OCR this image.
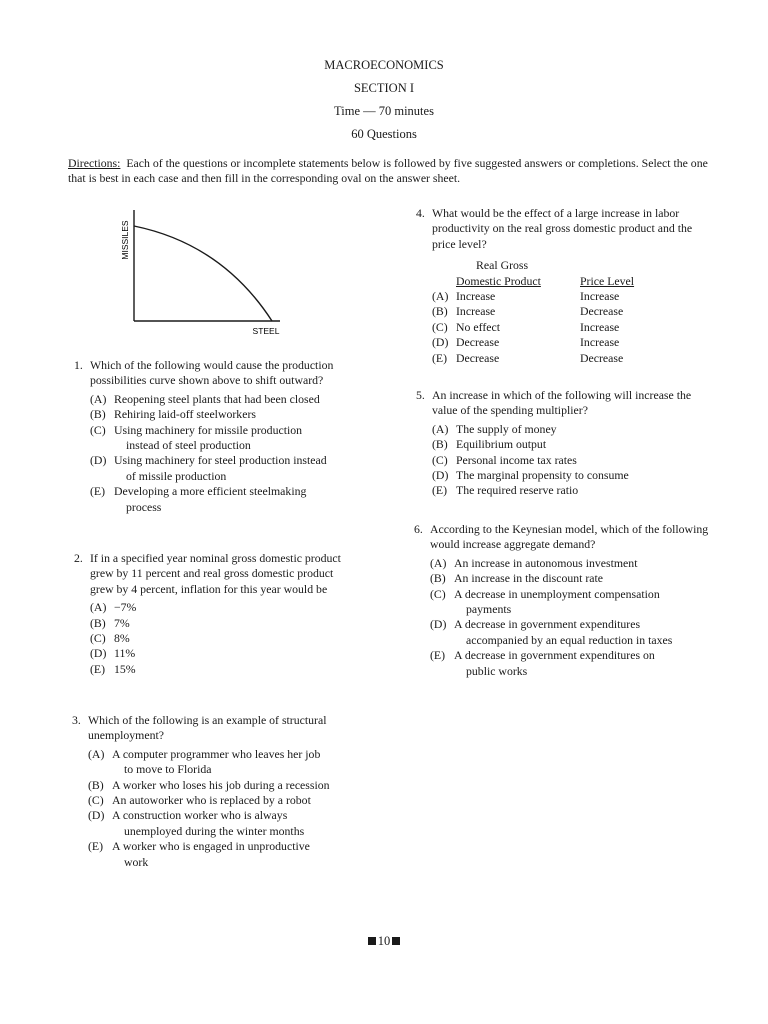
MACROECONOMICS
SECTION I
Time — 70 minutes
60 Questions
Directions: Each of the questions or incomplete statements below is followed by five suggested answers or completions. Select the one that is best in each case and then fill in the corresponding oval on the answer sheet.
MISSILES
STEEL
1. Which of the following would cause the production possibilities curve shown above to shift outward?
(A) Reopening steel plants that had been closed
(B) Rehiring laid-off steelworkers
(C) Using machinery for missile production
instead of steel production
(D) Using machinery for steel production instead
of missile production
(E) Developing a more efficient steelmaking
process
2. If in a specified year nominal gross domestic product grew by 11 percent and real gross domestic product grew by 4 percent, inflation for this year would be
(A) −7%
(B) 7%
(C) 8%
(D) 11%
(E) 15%
3. Which of the following is an example of structural unemployment?
(A) A computer programmer who leaves her job
to move to Florida
(B) A worker who loses his job during a recession
(C) An autoworker who is replaced by a robot
(D) A construction worker who is always
unemployed during the winter months
(E) A worker who is engaged in unproductive
work
4. What would be the effect of a large increase in labor productivity on the real gross domestic product and the price level?
Real Gross
Domestic Product	Price Level
(A) Increase	Increase
(B) Increase	Decrease
(C) No effect	Increase
(D) Decrease	Increase
(E) Decrease	Decrease
5. An increase in which of the following will increase the value of the spending multiplier?
(A) The supply of money
(B) Equilibrium output
(C) Personal income tax rates
(D) The marginal propensity to consume
(E) The required reserve ratio
6. According to the Keynesian model, which of the following would increase aggregate demand?
(A) An increase in autonomous investment
(B) An increase in the discount rate
(C) A decrease in unemployment compensation
payments
(D) A decrease in government expenditures
accompanied by an equal reduction in taxes
(E) A decrease in government expenditures on
public works
10
